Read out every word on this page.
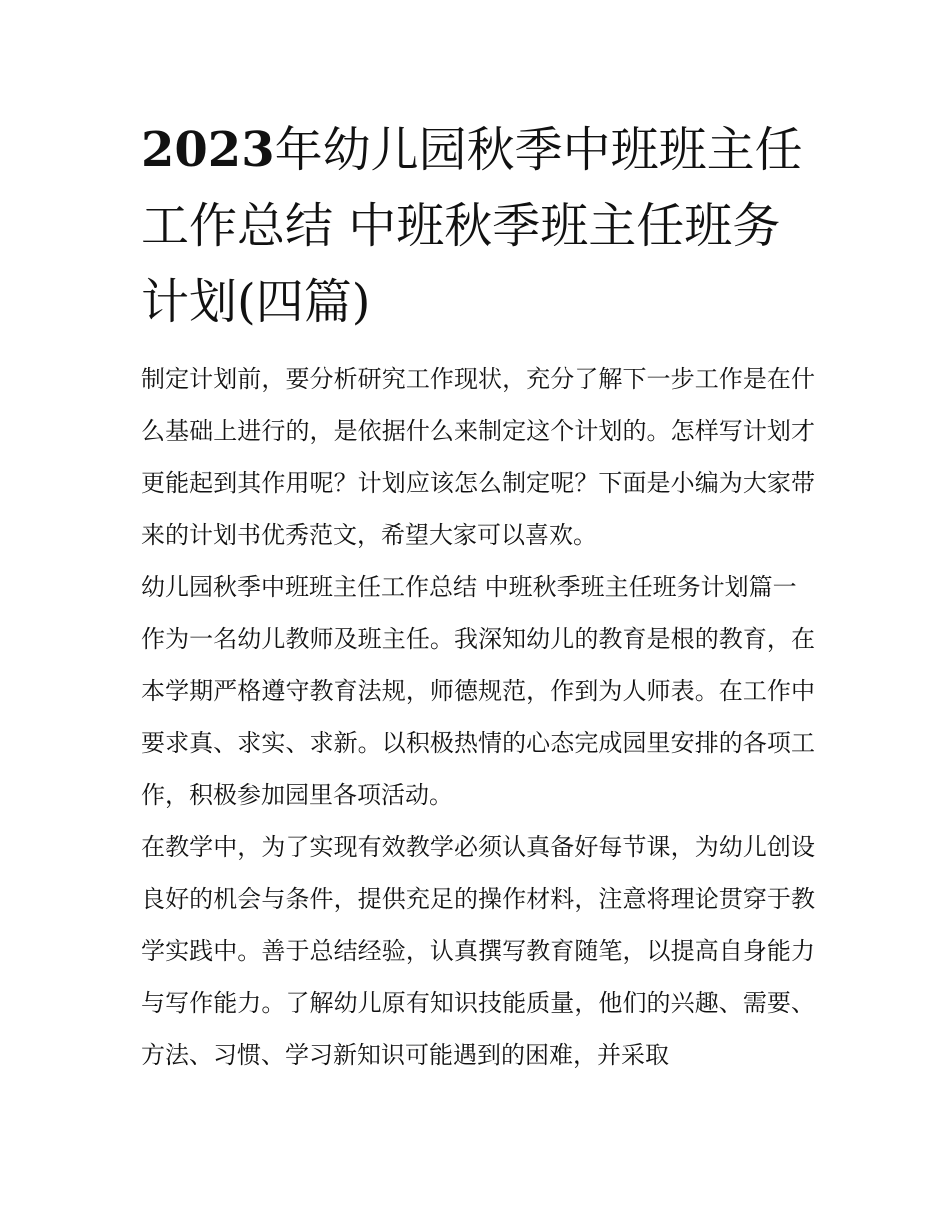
2023年幼儿园秋季中班班主任工作总结 中班秋季班主任班务计划(四篇)

制定计划前，要分析研究工作现状，充分了解下一步工作是在什么基础上进行的，是依据什么来制定这个计划的。怎样写计划才更能起到其作用呢？计划应该怎么制定呢？下面是小编为大家带来的计划书优秀范文，希望大家可以喜欢。

幼儿园秋季中班班主任工作总结 中班秋季班主任班务计划篇一

作为一名幼儿教师及班主任。我深知幼儿的教育是根的教育，在本学期严格遵守教育法规，师德规范，作到为人师表。在工作中要求真、求实、求新。以积极热情的心态完成园里安排的各项工作，积极参加园里各项活动。

在教学中，为了实现有效教学必须认真备好每节课，为幼儿创设良好的机会与条件，提供充足的操作材料，注意将理论贯穿于教学实践中。善于总结经验，认真撰写教育随笔，以提高自身能力与写作能力。了解幼儿原有知识技能质量，他们的兴趣、需要、方法、习惯、学习新知识可能遇到的困难，并采取
